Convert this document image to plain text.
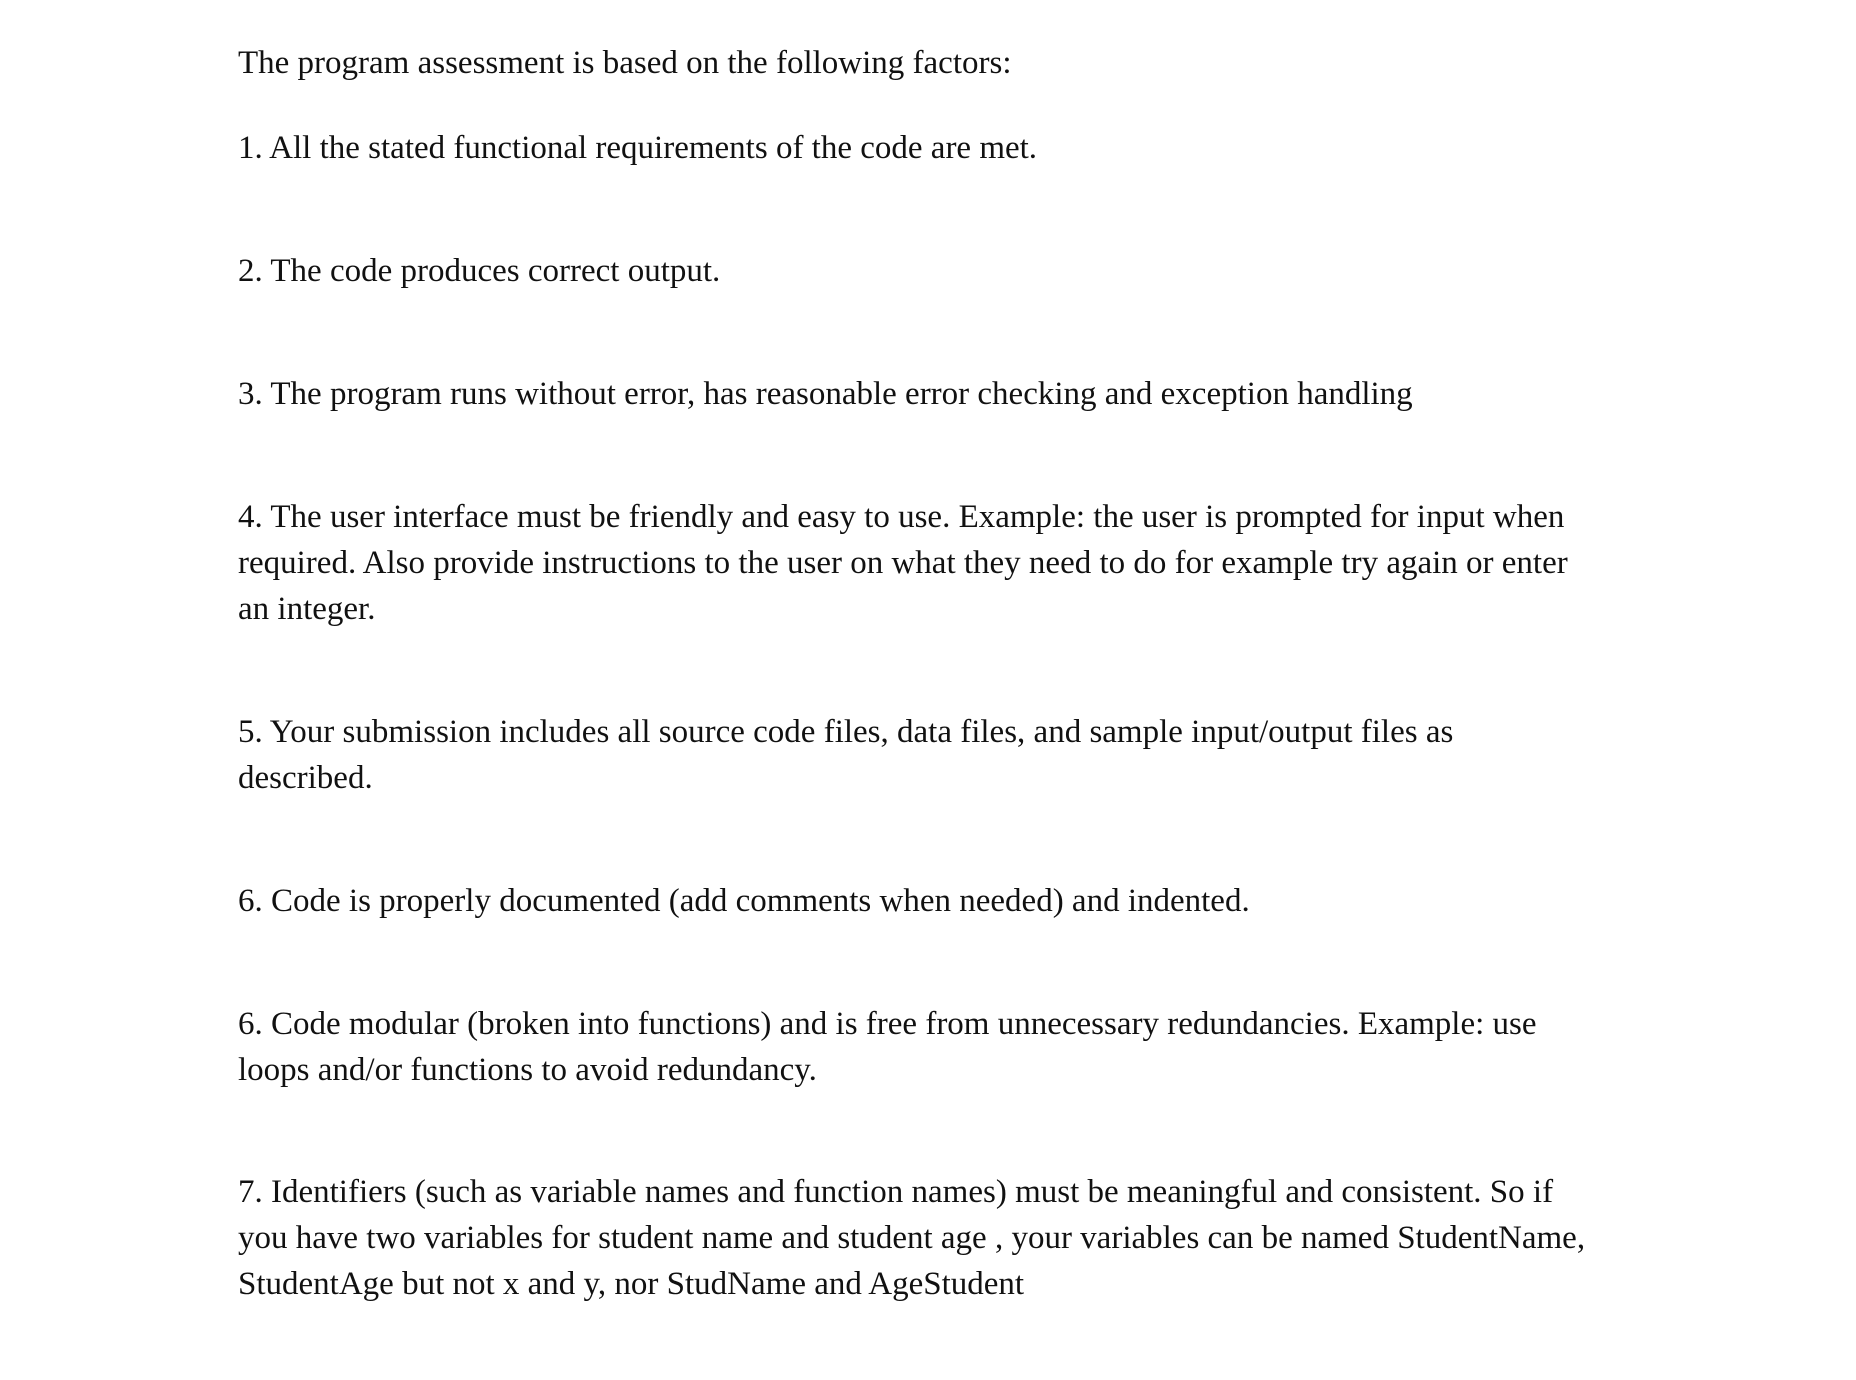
The program assessment is based on the following factors:

1. All the stated functional requirements of the code are met.

2. The code produces correct output.

3. The program runs without error, has reasonable error checking and exception handling

4. The user interface must be friendly and easy to use. Example: the user is prompted for input when

required. Also provide instructions to the user on what they need to do for example try again or enter

an integer.

5. Your submission includes all source code files, data files, and sample input/output files as

described.

6. Code is properly documented (add comments when needed) and indented.

6. Code modular (broken into functions) and is free from unnecessary redundancies. Example: use

loops and/or functions to avoid redundancy.

7. Identifiers (such as variable names and function names) must be meaningful and consistent. So if

you have two variables for student name and student age , your variables can be named StudentName,

StudentAge but not x and y, nor StudName and AgeStudent
